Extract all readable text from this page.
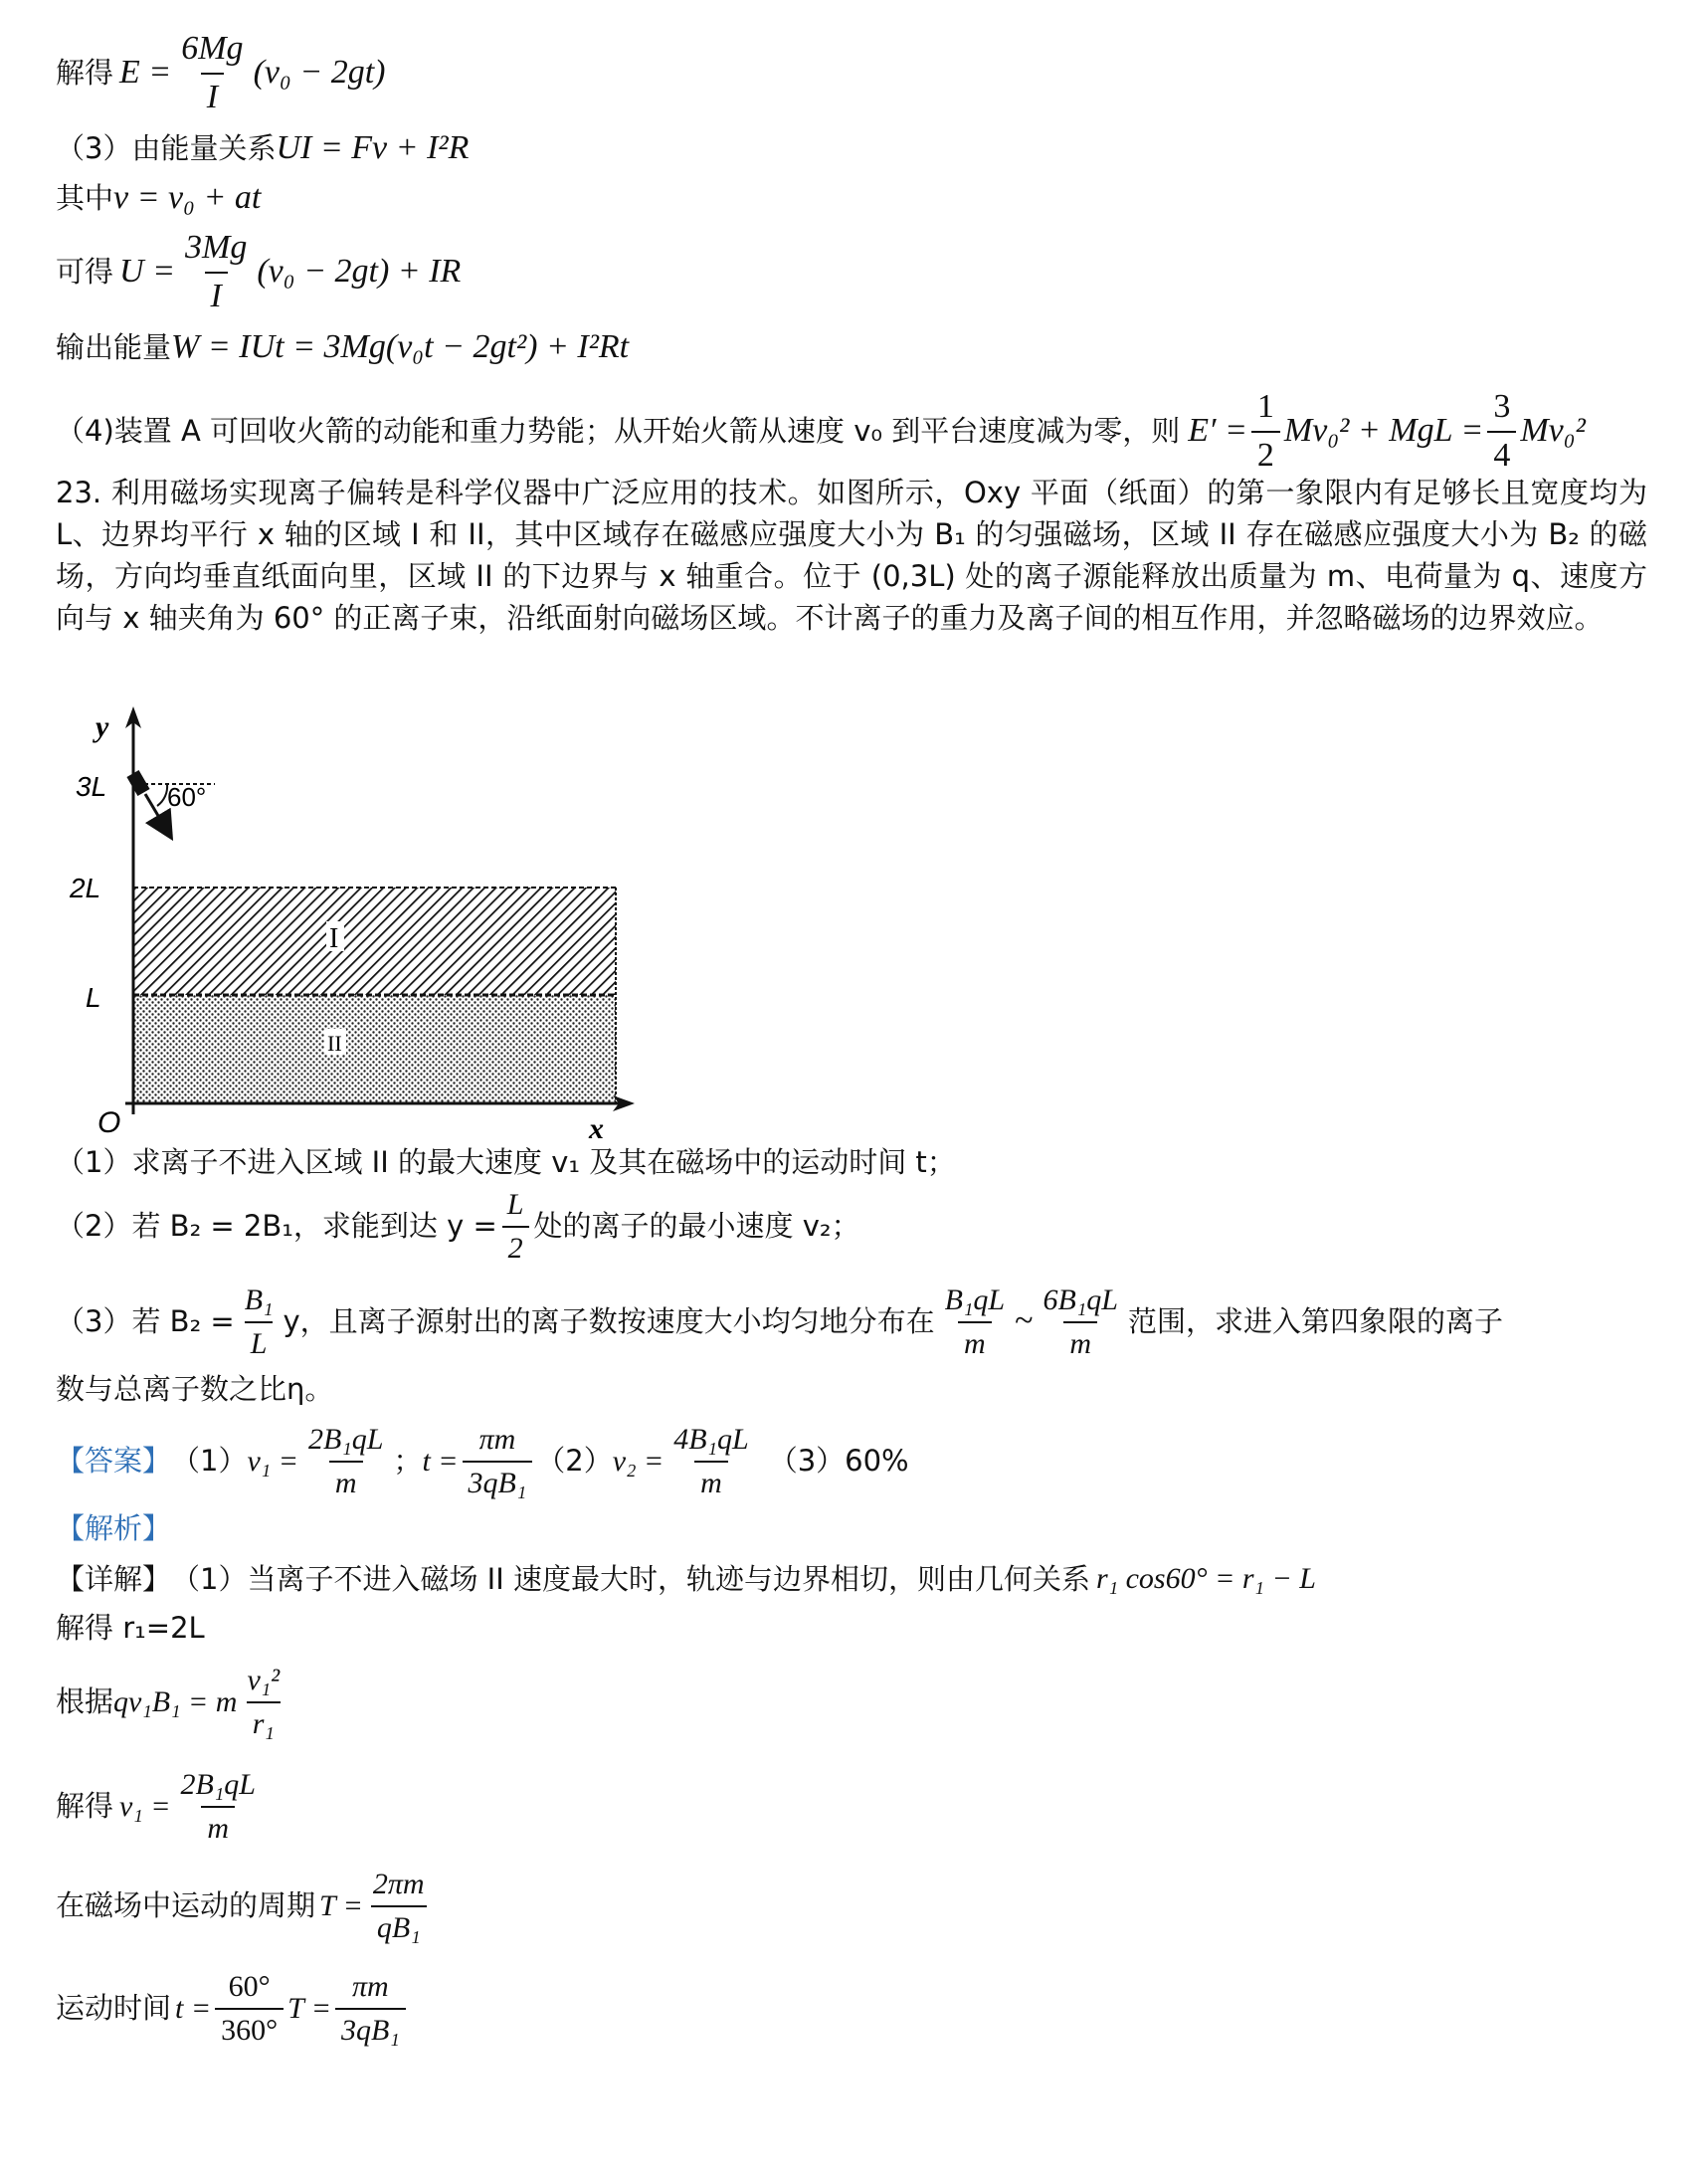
解得 $E = \frac{6Mg}{I} (v_0 - 2gt)$
（3）由能量关系 UI = Fv + I²R
其中 v = v₀ + at
可得 $U = \frac{3Mg}{I} (v_0 - 2gt)$ + IR
输出能量 W = IUt = 3Mg(v₀t − 2gt²) + I²Rt
（4)装置 A 可回收火箭的动能和重力势能；从开始火箭从速度 v₀ 到平台速度减为零，则 $E' = \frac{1}{2} Mv_0^2$ + MgL = $\frac{3}{4} Mv_0^2$
23. 利用磁场实现离子偏转是科学仪器中广泛应用的技术。如图所示，Oxy 平面（纸面）的第一象限内有足够长且宽度均为 L、边界均平行 x 轴的区域 I 和 II，其中区域存在磁感应强度大小为 B₁ 的匀强磁场，区域 II 存在磁感应强度大小为 B₂ 的磁场，方向均垂直纸面向里，区域 II 的下边界与 x 轴重合。位于 (0,3L) 处的离子源能释放出质量为 m、电荷量为 q、速度方向与 x 轴夹角为 60° 的正离子束，沿纸面射向磁场区域。不计离子的重力及离子间的相互作用，并忽略磁场的边界效应。
y
3L 60°
2L
L
O	x
I
II
（1）求离子不进入区域 II 的最大速度 v₁ 及其在磁场中的运动时间 t；
（2）若 B₂ = 2B₁，求能到达 $y = \frac{L}{2}$ 处的离子的最小速度 v₂；
（3）若 $B_2 = \frac{\text{B₁}}{L}$ y，且离子源射出的离子数按速度大小均匀地分布在 $\frac{\text{B₁qL}}{m}$ ~ $\frac{\text{6B₁qL}}{m}$ 范围，求进入第四象限的离子
数与总离子数之比η。
【答案】 （1） $v_1 = \frac{\text{2B₁qL}}{m}$ ； $t = \frac{\pi m}{\text{3qB₁}} (2) v_2 = \frac{\text{4B₁qL}}{m} (3)60\%$
【解析】
【详解】 （1）当离子不进入磁场 II 速度最大时，轨迹与边界相切，则由几何关系 r₁ cos60° = r₁ − L
解得 r₁=2L
根据 qv₁B₁ = m $\frac{\text{v₁²}}{\text{r₁}}$
解得 $v_1 = \frac{\text{2B₁qL}}{m}$
在磁场中运动的周期 $T = \frac{2\pi m}{\text{qB₁}}$
运动时间 $t = \frac{60^\circ}{360^\circ}$ $T = \frac{\pi m}{\text{3qB₁}}$
